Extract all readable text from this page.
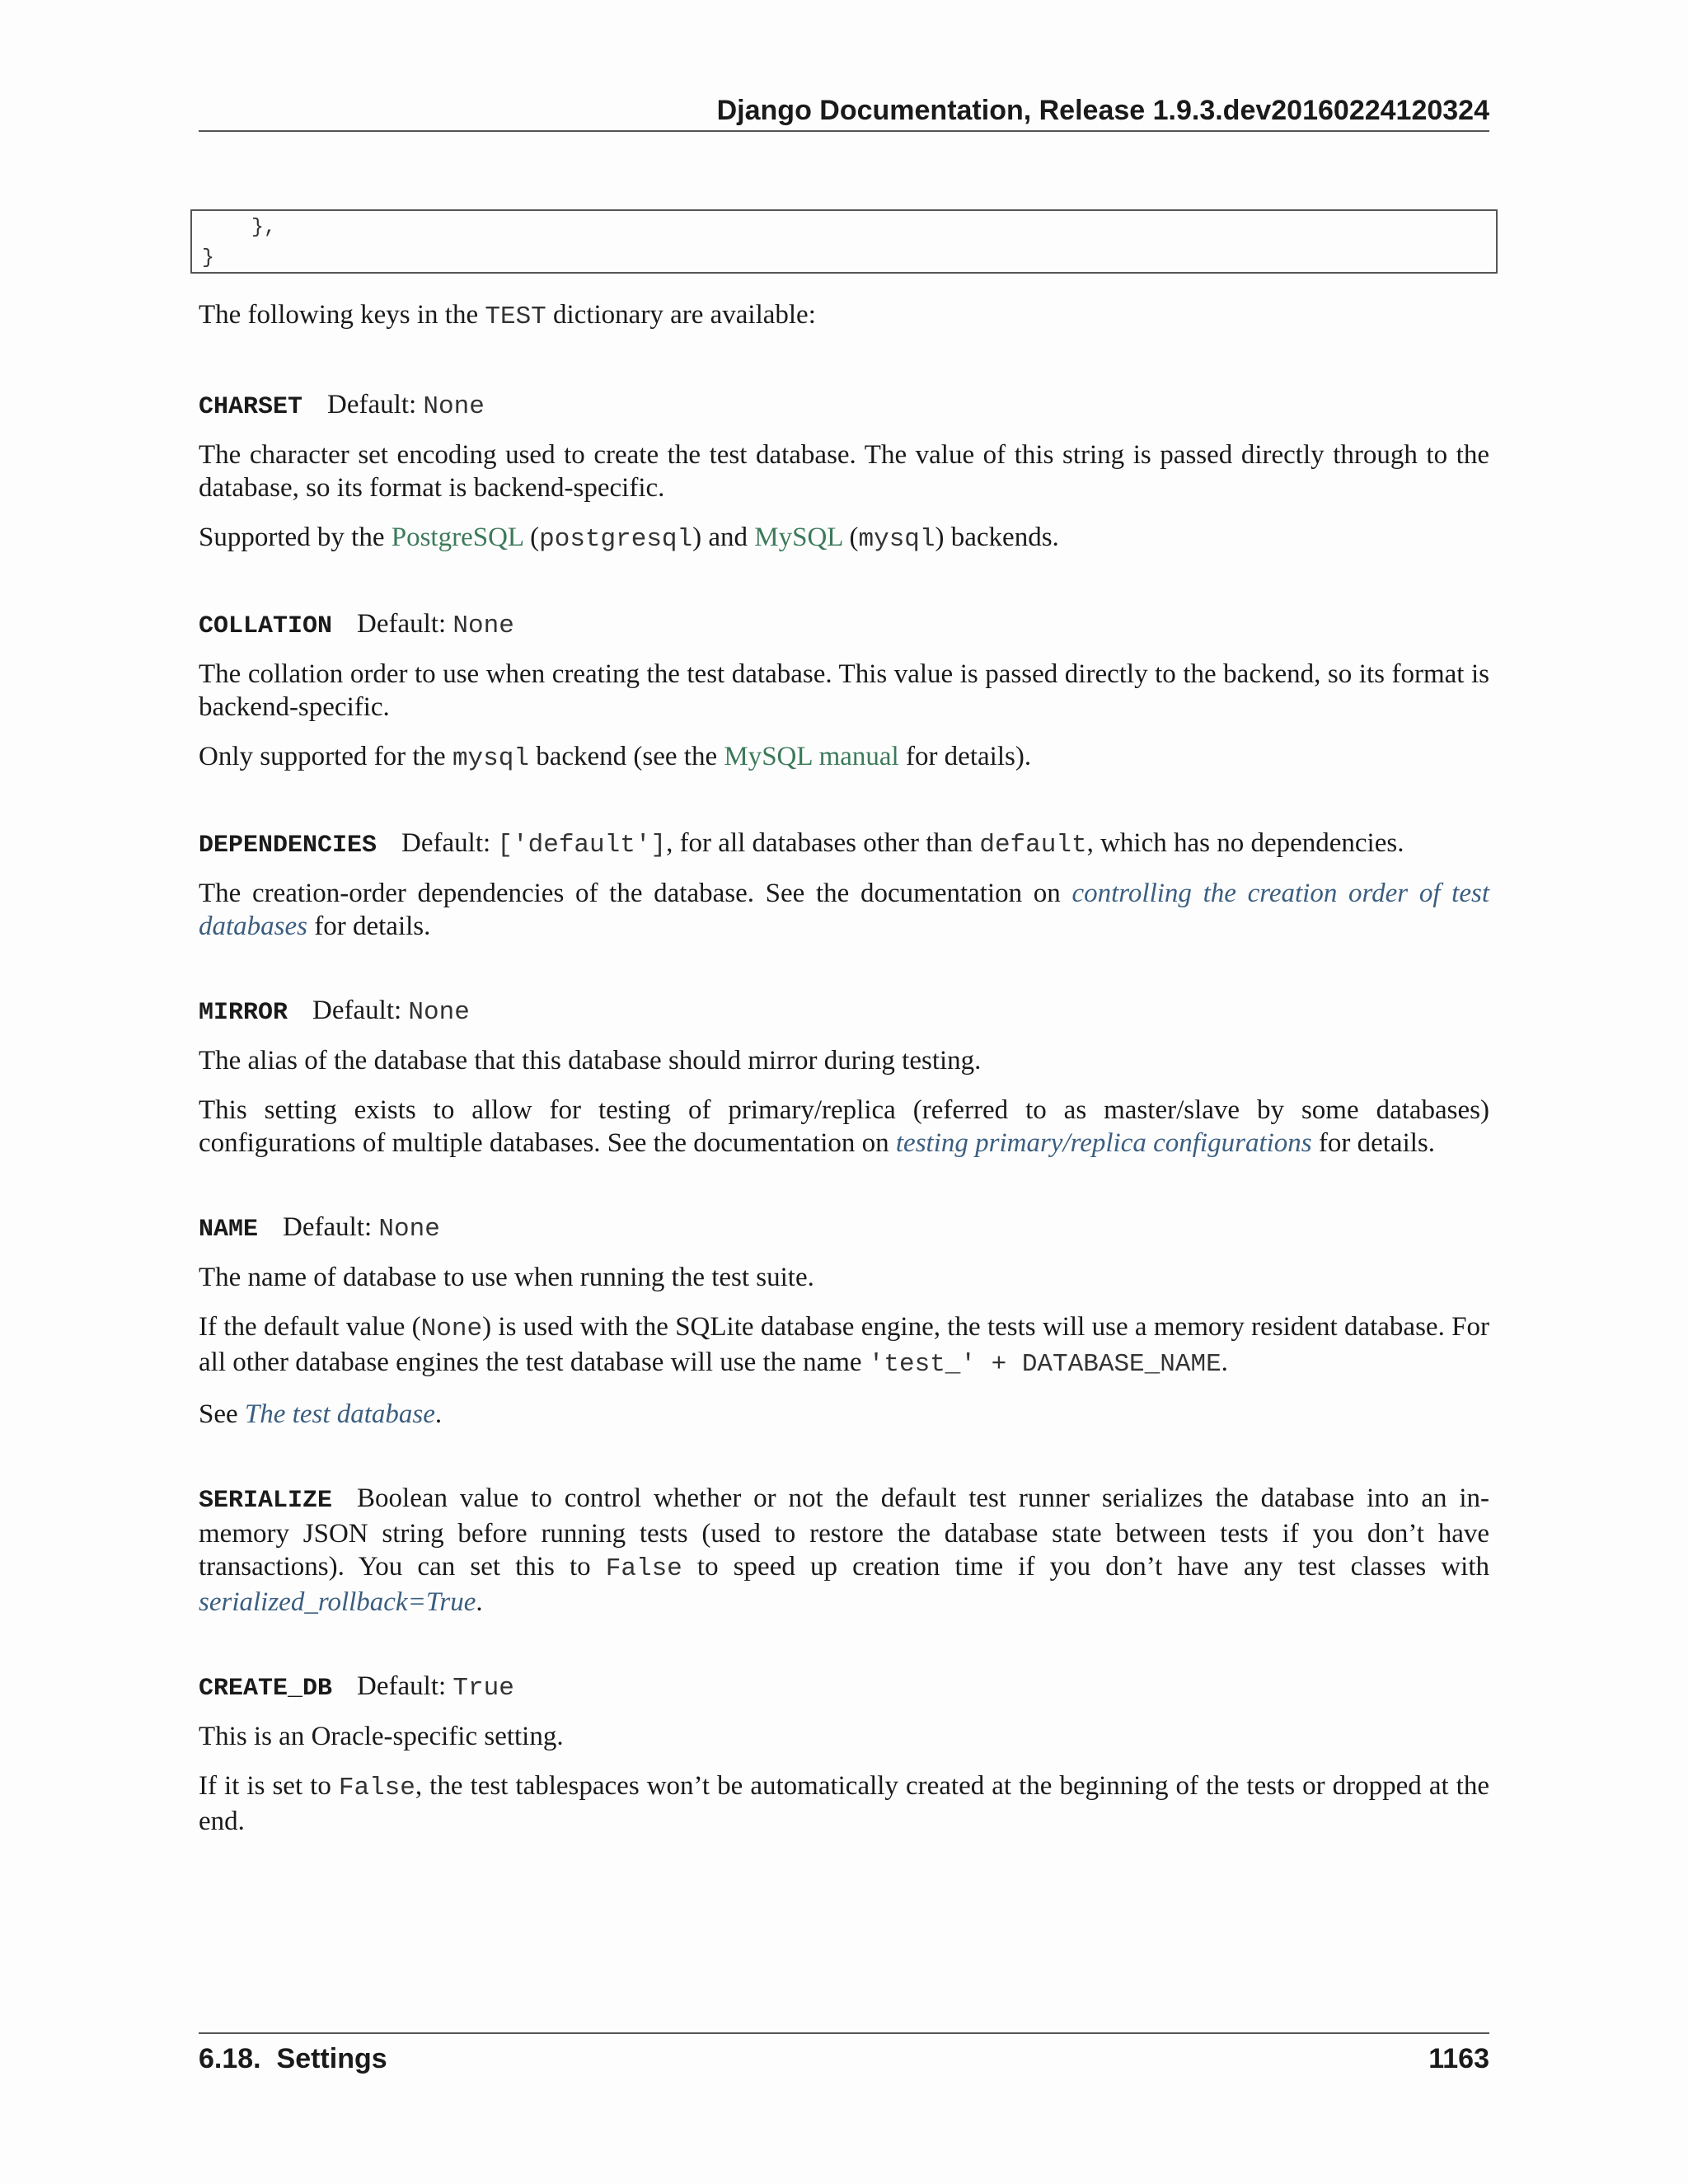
Django Documentation, Release 1.9.3.dev20160224120324
},
}

The following keys in the TEST dictionary are available:

CHARSET Default: None

The character set encoding used to create the test database. The value of this string is passed directly through to the database, so its format is backend-specific.

Supported by the PostgreSQL (postgresql) and MySQL (mysql) backends.

COLLATION Default: None

The collation order to use when creating the test database. This value is passed directly to the backend, so its format is backend-specific.

Only supported for the mysql backend (see the MySQL manual for details).

DEPENDENCIES Default: ['default'], for all databases other than default, which has no dependencies.

The creation-order dependencies of the database. See the documentation on controlling the creation order of test databases for details.

MIRROR Default: None

The alias of the database that this database should mirror during testing.

This setting exists to allow for testing of primary/replica (referred to as master/slave by some databases) configurations of multiple databases. See the documentation on testing primary/replica configurations for details.

NAME Default: None

The name of database to use when running the test suite.

If the default value (None) is used with the SQLite database engine, the tests will use a memory resident database. For all other database engines the test database will use the name 'test_' + DATABASE_NAME.

See The test database.

SERIALIZE Boolean value to control whether or not the default test runner serializes the database into an in-memory JSON string before running tests (used to restore the database state between tests if you don’t have transactions). You can set this to False to speed up creation time if you don’t have any test classes with serialized_rollback=True.

CREATE_DB Default: True

This is an Oracle-specific setting.

If it is set to False, the test tablespaces won’t be automatically created at the beginning of the tests or dropped at the end.

6.18.  Settings	1163
